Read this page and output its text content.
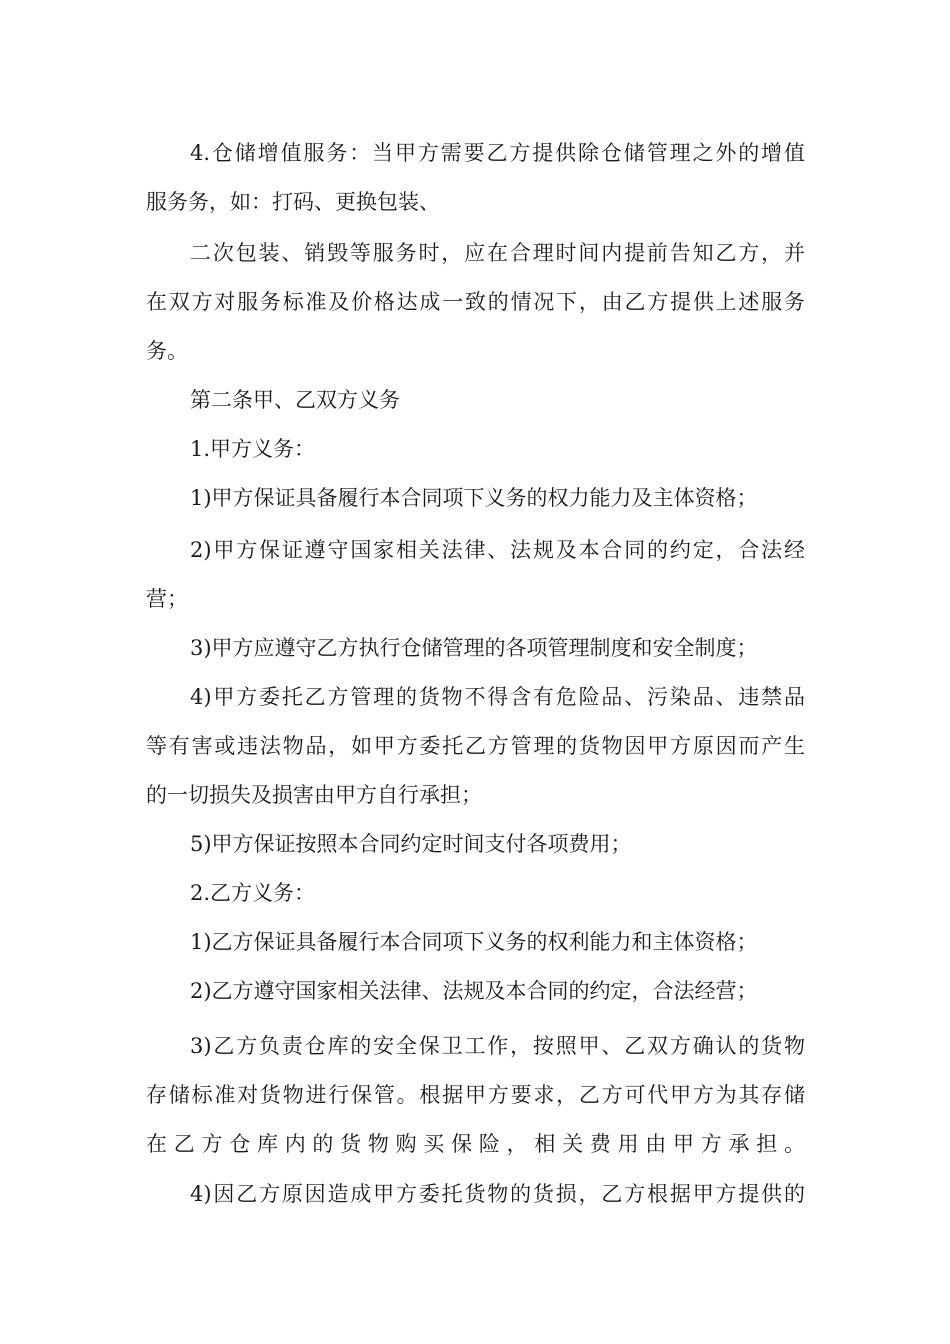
4.仓储增值服务：当甲方需要乙方提供除仓储管理之外的增值
服务务，如：打码、更换包装、
二次包装、销毁等服务时，应在合理时间内提前告知乙方，并
在双方对服务标准及价格达成一致的情况下，由乙方提供上述服务
务。
第二条甲、乙双方义务
1.甲方义务：
1)甲方保证具备履行本合同项下义务的权力能力及主体资格；
2)甲方保证遵守国家相关法律、法规及本合同的约定，合法经
营；
3)甲方应遵守乙方执行仓储管理的各项管理制度和安全制度；
4)甲方委托乙方管理的货物不得含有危险品、污染品、违禁品
等有害或违法物品，如甲方委托乙方管理的货物因甲方原因而产生
的一切损失及损害由甲方自行承担；
5)甲方保证按照本合同约定时间支付各项费用；
2.乙方义务：
1)乙方保证具备履行本合同项下义务的权利能力和主体资格；
2)乙方遵守国家相关法律、法规及本合同的约定，合法经营；
3)乙方负责仓库的安全保卫工作，按照甲、乙双方确认的货物
存储标准对货物进行保管。根据甲方要求，乙方可代甲方为其存储
在乙方仓库内的货物购买保险，相关费用由甲方承担。
4)因乙方原因造成甲方委托货物的货损，乙方根据甲方提供的
